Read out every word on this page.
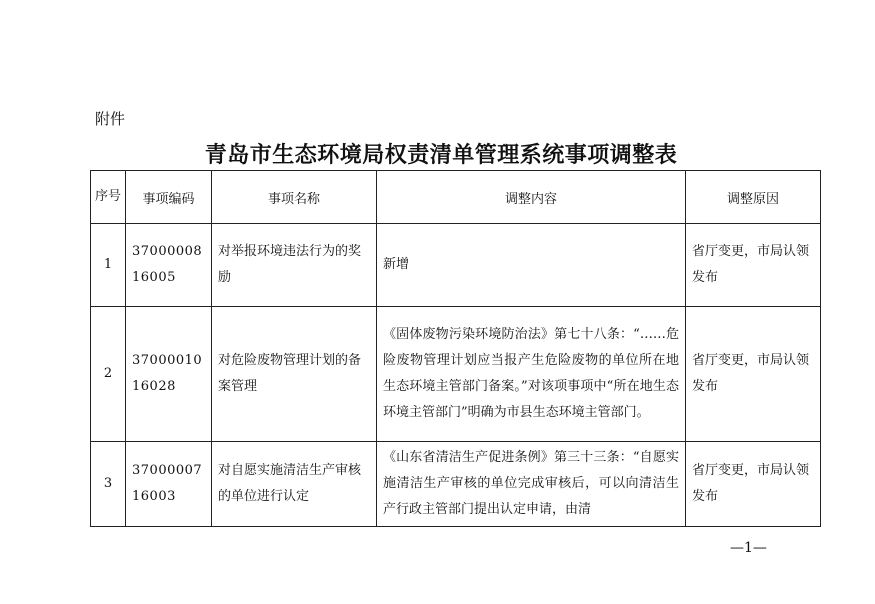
附件
青岛市生态环境局权责清单管理系统事项调整表
序号	事项编码	事项名称	调整内容	调整原因
1	3700000816005	对举报环境违法行为的奖励	新增	省厅变更，市局认领发布
2	3700001016028	对危险废物管理计划的备案管理	《固体废物污染环境防治法》第七十八条：“……危险废物管理计划应当报产生危险废物的单位所在地生态环境主管部门备案。”对该项事项中“所在地生态环境主管部门”明确为市县生态环境主管部门。	省厅变更，市局认领发布
3	3700000716003	对自愿实施清洁生产审核的单位进行认定	《山东省清洁生产促进条例》第三十三条：“自愿实施清洁生产审核的单位完成审核后，可以向清洁生产行政主管部门提出认定申请，由清	省厅变更，市局认领发布
—1—
